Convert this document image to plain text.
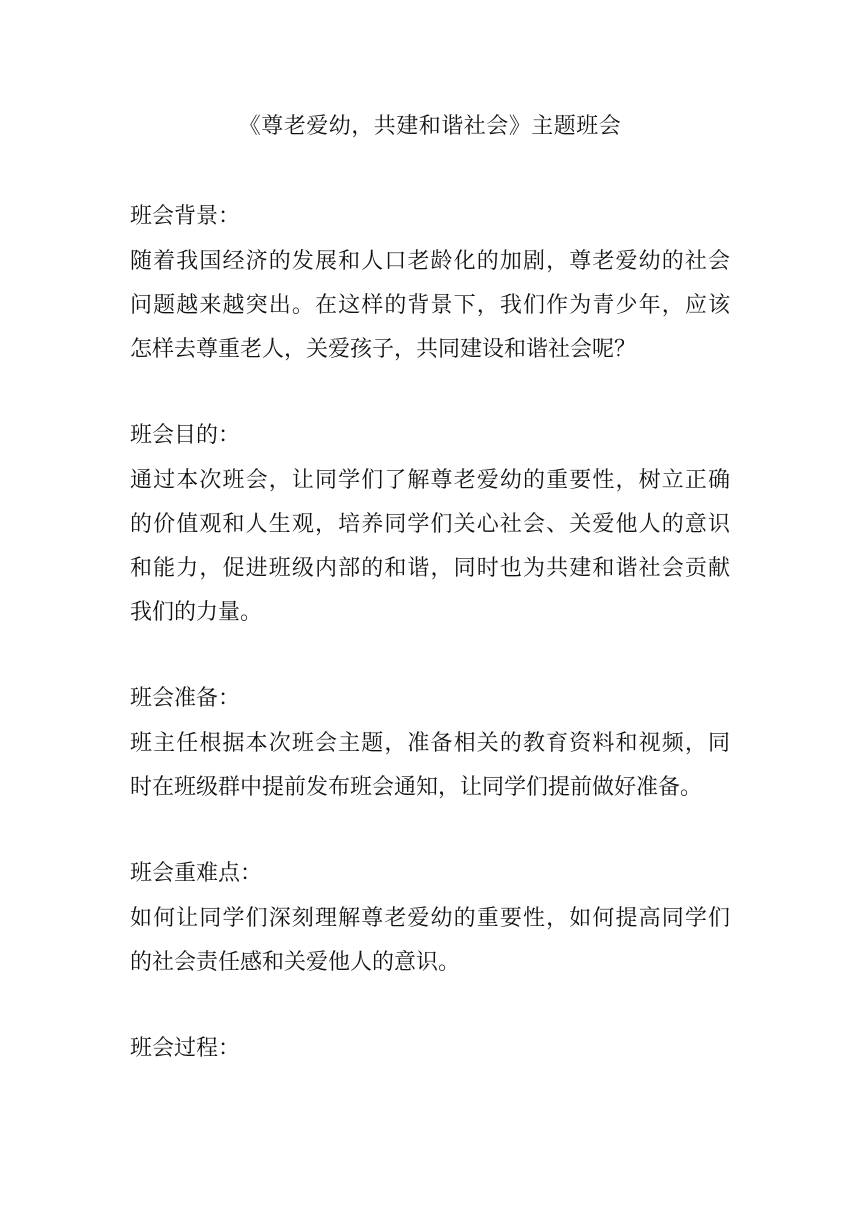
《尊老爱幼，共建和谐社会》主题班会
班会背景：
随着我国经济的发展和人口老龄化的加剧，尊老爱幼的社会
问题越来越突出。在这样的背景下，我们作为青少年，应该
怎样去尊重老人，关爱孩子，共同建设和谐社会呢？
班会目的：
通过本次班会，让同学们了解尊老爱幼的重要性，树立正确
的价值观和人生观，培养同学们关心社会、关爱他人的意识
和能力，促进班级内部的和谐，同时也为共建和谐社会贡献
我们的力量。
班会准备：
班主任根据本次班会主题，准备相关的教育资料和视频，同
时在班级群中提前发布班会通知，让同学们提前做好准备。
班会重难点：
如何让同学们深刻理解尊老爱幼的重要性，如何提高同学们
的社会责任感和关爱他人的意识。
班会过程：
